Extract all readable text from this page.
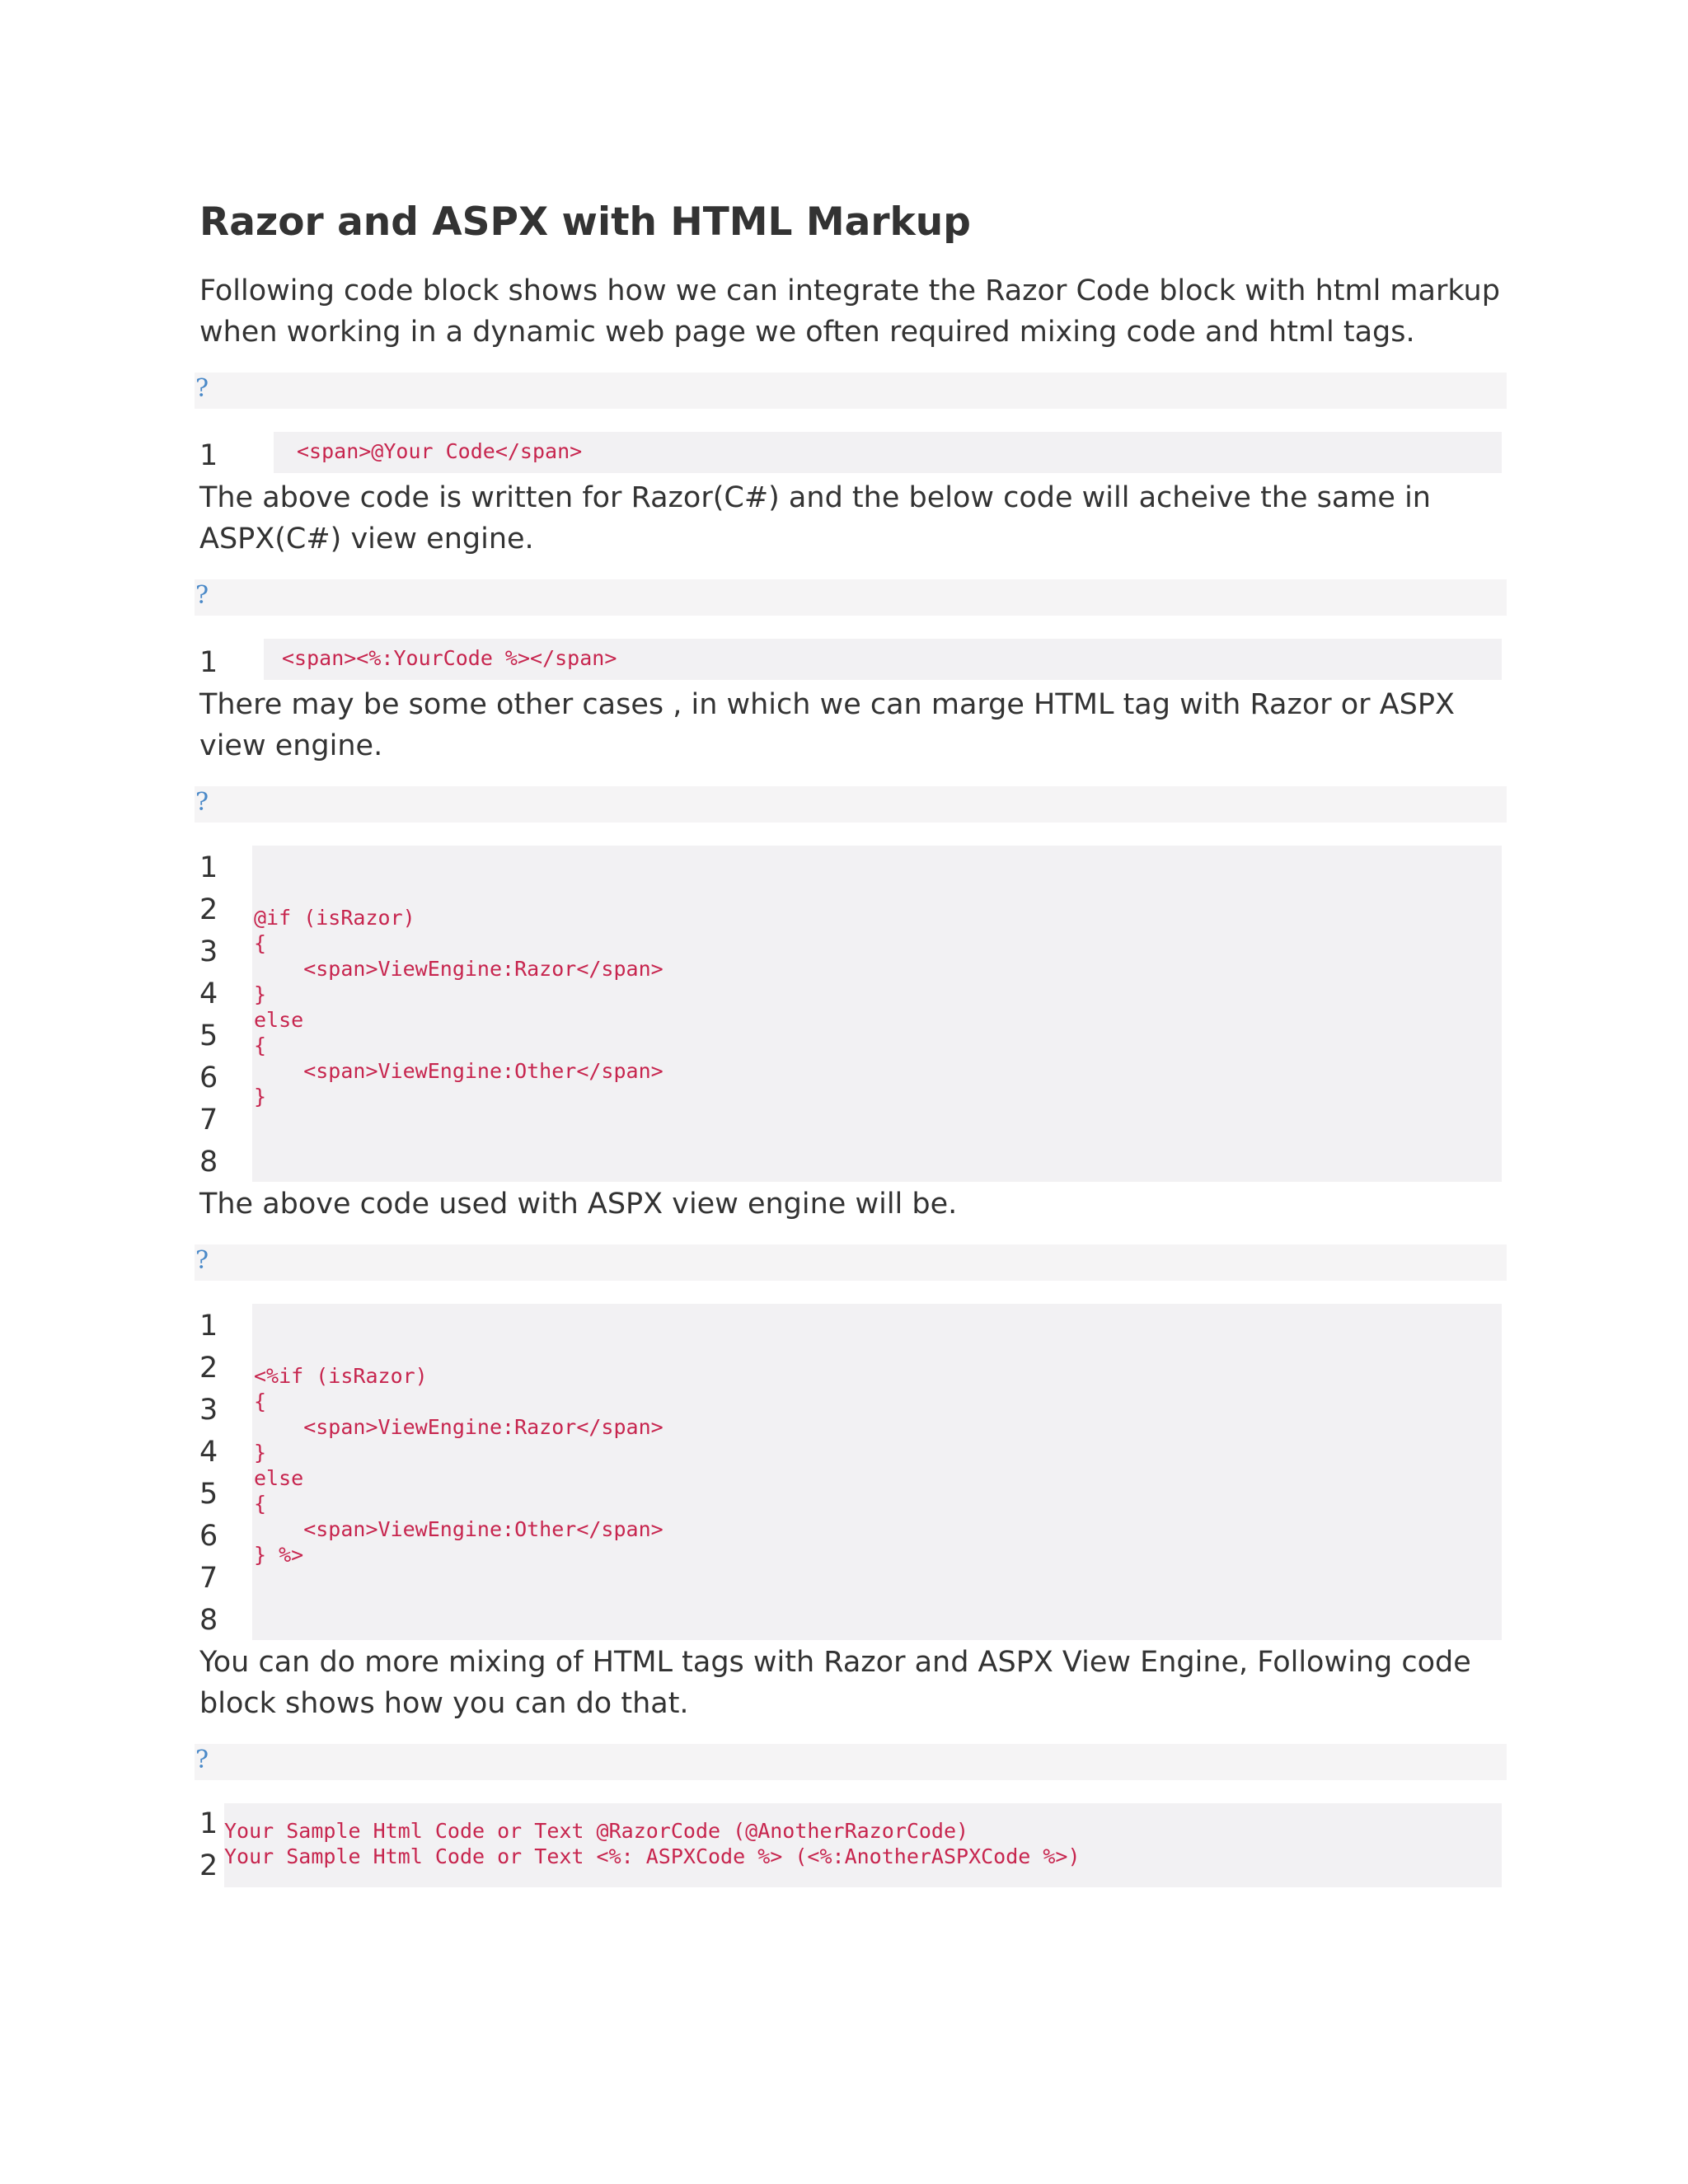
Razor and ASPX with HTML Markup

Following code block shows how we can integrate the Razor Code block with html markup when working in a dynamic web page we often required mixing code and html tags.

?
1	<span>@Your Code</span>

The above code is written for Razor(C#) and the below code will acheive the same in ASPX(C#) view engine.

?
1	<span><%:YourCode %></span>

There may be some other cases , in which we can marge HTML tag with Razor or ASPX view engine.

?
1
2
3
4
5
6
7
8
@if (isRazor)
{
<span>ViewEngine:Razor</span>
}
else
{
<span>ViewEngine:Other</span>
}

The above code used with ASPX view engine will be.

?
1
2
3
4
5
6
7
8
<%if (isRazor)
{
<span>ViewEngine:Razor</span>
}
else
{
<span>ViewEngine:Other</span>
} %>

You can do more mixing of HTML tags with Razor and ASPX View Engine, Following code block shows how you can do that.

?
1
2
Your Sample Html Code or Text @RazorCode (@AnotherRazorCode)
Your Sample Html Code or Text <%: ASPXCode %> (<%:AnotherASPXCode %>)
